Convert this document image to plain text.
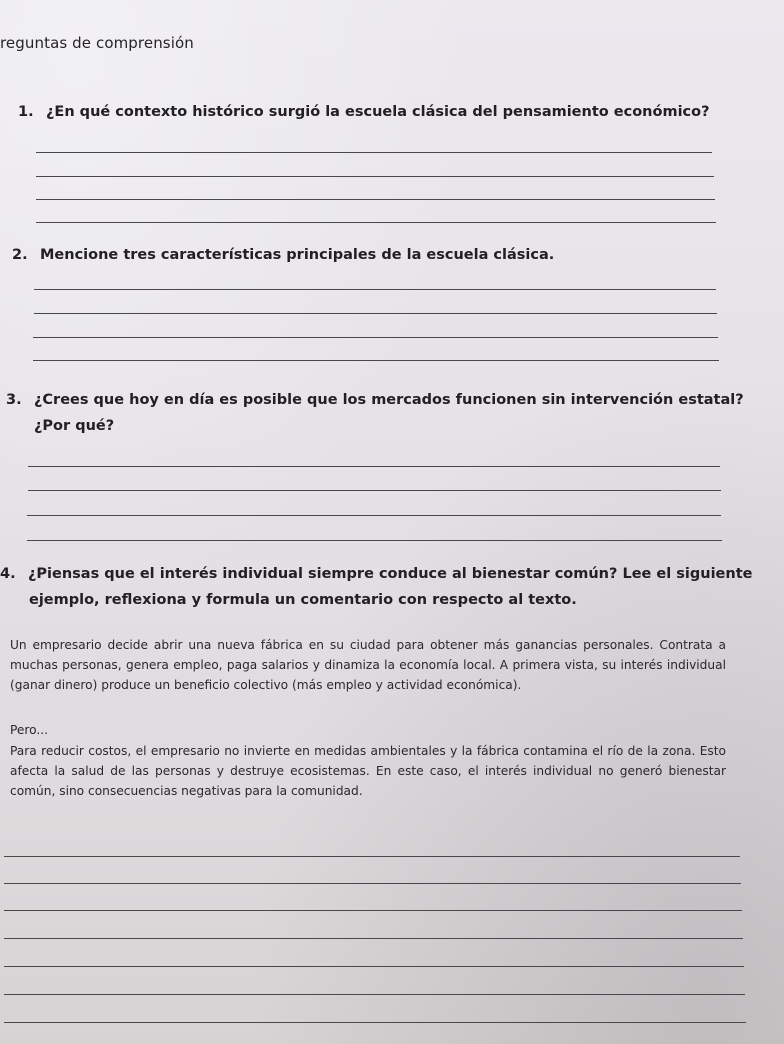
reguntas de comprensión
1. ¿En qué contexto histórico surgió la escuela clásica del pensamiento económico?
2. Mencione tres características principales de la escuela clásica.
3. ¿Crees que hoy en día es posible que los mercados funcionen sin intervención estatal?
¿Por qué?
4. ¿Piensas que el interés individual siempre conduce al bienestar común? Lee el siguiente
ejemplo, reflexiona y formula un comentario con respecto al texto.
Un empresario decide abrir una nueva fábrica en su ciudad para obtener más ganancias personales. Contrata a muchas personas, genera empleo, paga salarios y dinamiza la economía local. A primera vista, su interés individual (ganar dinero) produce un beneficio colectivo (más empleo y actividad económica).
Pero...
Para reducir costos, el empresario no invierte en medidas ambientales y la fábrica contamina el río de la zona. Esto afecta la salud de las personas y destruye ecosistemas. En este caso, el interés individual no generó bienestar común, sino consecuencias negativas para la comunidad.
